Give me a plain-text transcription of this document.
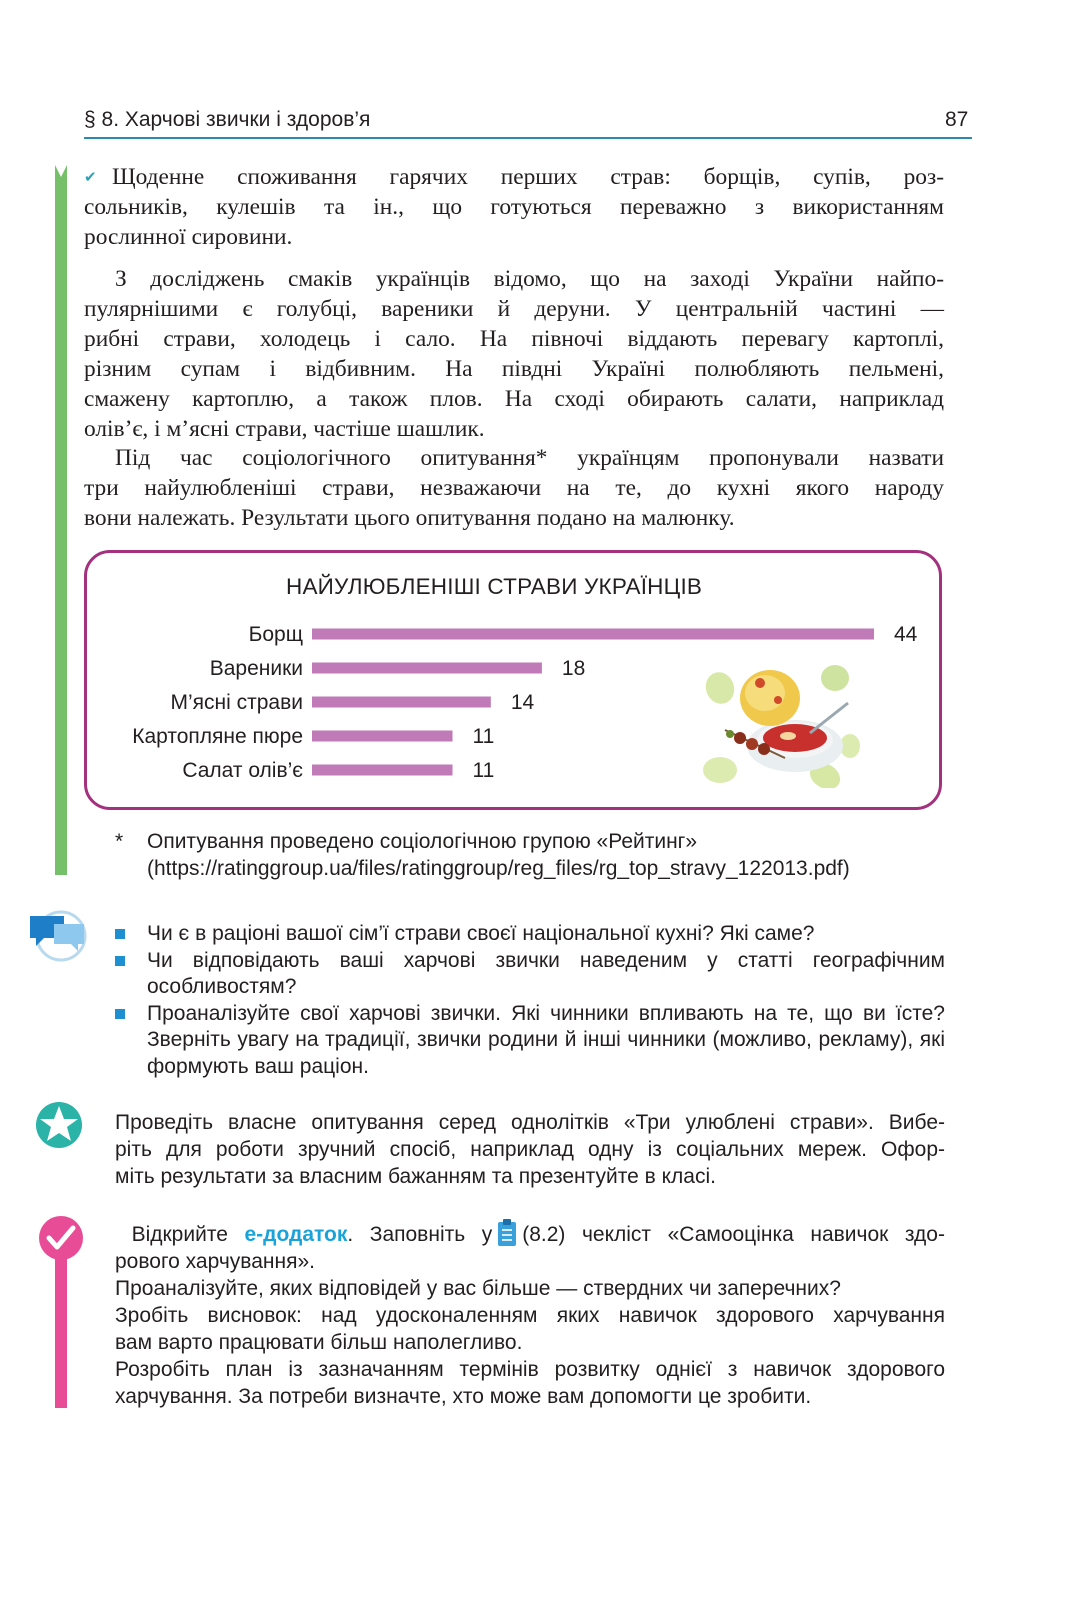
§ 8. Харчові звички і здоров’я	87

✔ Щоденне споживання гарячих перших страв: борщів, супів, роз-
сольників, кулешів та ін., що готуються переважно з використанням
рослинної сировини.

З досліджень смаків українців відомо, що на заході України найпо-
пулярнішими є голубці, вареники й деруни. У центральній частині —
рибні страви, холодець і сало. На півночі віддають перевагу картоплі,
різним супам і відбивним. На півдні Україні полюбляють пельмені,
смажену картоплю, а також плов. На сході обирають салати, наприклад
олів’є, і м’ясні страви, частіше шашлик.

Під час соціологічного опитування* українцям пропонували назвати
три найулюбленіші страви, незважаючи на те, до кухні якого народу
вони належать. Результати цього опитування подано на малюнку.

НАЙУЛЮБЛЕНІШІ СТРАВИ УКРАЇНЦІВ
Борщ	44
Вареники	18
М’ясні страви	14
Картопляне пюре	11
Салат олів’є	11
* Опитування проведено соціологічною групою «Рейтинг»
(https://ratinggroup.ua/files/ratinggroup/reg_files/rg_top_stravy_122013.pdf)
Чи є в раціоні вашої сім’ї страви своєї національної кухні? Які саме?
Чи відповідають ваші харчові звички наведеним у статті географічним особливостям?
Проаналізуйте свої харчові звички. Які чинники впливають на те, що ви їсте? Зверніть увагу на традиції, звички родини й інші чинники (можливо, рекламу), які формують ваш раціон.

Проведіть власне опитування серед однолітків «Три улюблені страви». Вибе-
ріть для роботи зручний спосіб, наприклад одну із соціальних мереж. Офор-
міть результати за власним бажанням та презентуйте в класі.

Відкрийте е-додаток. Заповніть у (8.2) чекліст «Самооцінка навичок здо-
рового харчування».
Проаналізуйте, яких відповідей у вас більше — ствердних чи заперечних?
Зробіть висновок: над удосконаленням яких навичок здорового харчування
вам варто працювати більш наполегливо.
Розробіть план із зазначанням термінів розвитку однієї з навичок здорового
харчування. За потреби визначте, хто може вам допомогти це зробити.
